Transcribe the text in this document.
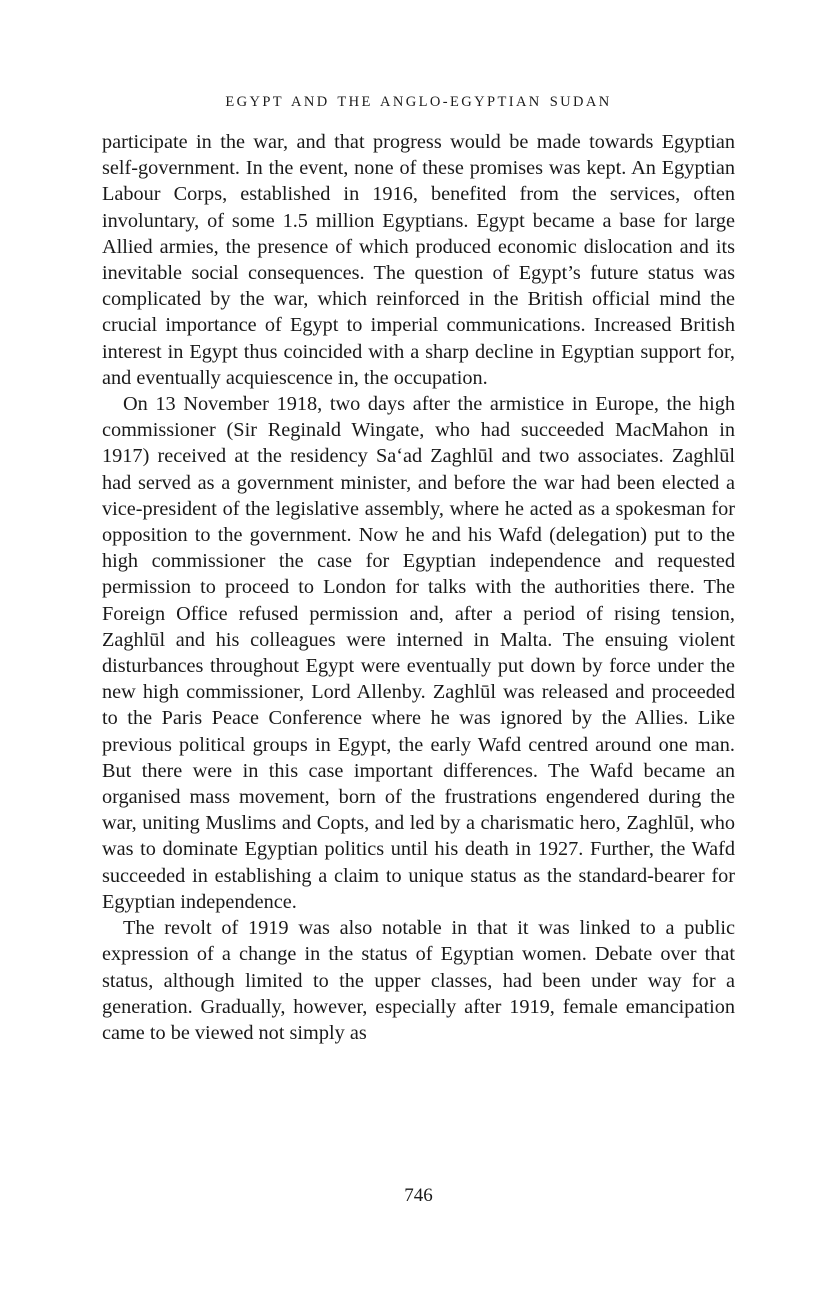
EGYPT AND THE ANGLO-EGYPTIAN SUDAN

participate in the war, and that progress would be made towards Egyptian self-government. In the event, none of these promises was kept. An Egyptian Labour Corps, established in 1916, benefited from the services, often involuntary, of some 1.5 million Egyptians. Egypt became a base for large Allied armies, the presence of which produced economic dislocation and its inevitable social consequences. The question of Egypt’s future status was complicated by the war, which reinforced in the British official mind the crucial importance of Egypt to imperial communications. Increased British interest in Egypt thus coincided with a sharp decline in Egyptian support for, and eventually acquiescence in, the occupation.

On 13 November 1918, two days after the armistice in Europe, the high commissioner (Sir Reginald Wingate, who had succeeded MacMahon in 1917) received at the residency Sa‘ad Zaghlūl and two associates. Zaghlūl had served as a government minister, and before the war had been elected a vice-president of the legislative assembly, where he acted as a spokesman for opposition to the government. Now he and his Wafd (delegation) put to the high commissioner the case for Egyptian independence and requested permission to proceed to London for talks with the authorities there. The Foreign Office refused permission and, after a period of rising tension, Zaghlūl and his colleagues were interned in Malta. The ensuing violent disturbances throughout Egypt were eventually put down by force under the new high commissioner, Lord Allenby. Zaghlūl was released and proceeded to the Paris Peace Conference where he was ignored by the Allies. Like previous political groups in Egypt, the early Wafd centred around one man. But there were in this case important differences. The Wafd became an organised mass movement, born of the frustrations engendered during the war, uniting Muslims and Copts, and led by a charismatic hero, Zaghlūl, who was to dominate Egyptian politics until his death in 1927. Further, the Wafd succeeded in establishing a claim to unique status as the standard-bearer for Egyptian independence.

The revolt of 1919 was also notable in that it was linked to a public expression of a change in the status of Egyptian women. Debate over that status, although limited to the upper classes, had been under way for a generation. Gradually, however, especially after 1919, female emancipation came to be viewed not simply as

746
